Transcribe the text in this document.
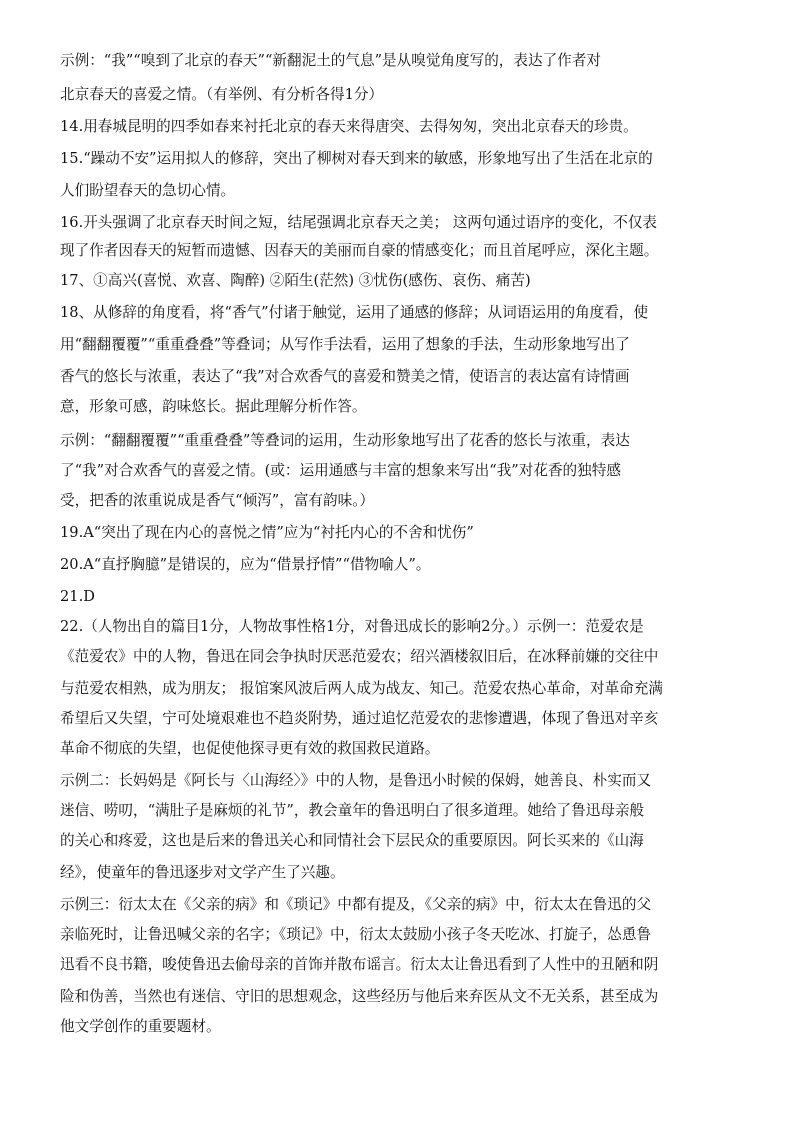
示例：“我”“嗅到了北京的春天”“新翻泥土的气息”是从嗅觉角度写的，表达了作者对
北京春天的喜爱之情。（有举例、有分析各得1分）
14.用春城昆明的四季如春来衬托北京的春天来得唐突、去得匆匆，突出北京春天的珍贵。
15.“躁动不安”运用拟人的修辞，突出了柳树对春天到来的敏感，形象地写出了生活在北京的
人们盼望春天的急切心情。
16.开头强调了北京春天时间之短，结尾强调北京春天之美； 这两句通过语序的变化，不仅表
现了作者因春天的短暂而遗憾、因春天的美丽而自豪的情感变化；而且首尾呼应，深化主题。
17、①高兴(喜悦、欢喜、陶醉) ②陌生(茫然) ③忧伤(感伤、哀伤、痛苦)
18、从修辞的角度看，将“香气”付诸于触觉，运用了通感的修辞；从词语运用的角度看，使
用“翻翻覆覆”“重重叠叠”等叠词；从写作手法看，运用了想象的手法，生动形象地写出了
香气的悠长与浓重，表达了“我”对合欢香气的喜爱和赞美之情，使语言的表达富有诗情画
意，形象可感，韵味悠长。据此理解分析作答。
示例：“翻翻覆覆”“重重叠叠”等叠词的运用，生动形象地写出了花香的悠长与浓重，表达
了“我”对合欢香气的喜爱之情。(或：运用通感与丰富的想象来写出“我”对花香的独特感
受，把香的浓重说成是香气“倾泻”，富有韵味。）
19.A“突出了现在内心的喜悦之情”应为“衬托内心的不舍和忧伤”
20.A“直抒胸臆”是错误的，应为“借景抒情”“借物喻人”。
21.D
22.（人物出自的篇目1分，人物故事性格1分，对鲁迅成长的影响2分。）示例一：范爱农是
《范爱农》中的人物，鲁迅在同会争执时厌恶范爱农；绍兴酒楼叙旧后，在冰释前嫌的交往中
与范爱农相熟，成为朋友； 报馆案风波后两人成为战友、知己。范爱农热心革命，对革命充满
希望后又失望，宁可处境艰难也不趋炎附势，通过追忆范爱农的悲惨遭遇，体现了鲁迅对辛亥
革命不彻底的失望，也促使他探寻更有效的救国救民道路。
示例二：长妈妈是《阿长与〈山海经〉》中的人物，是鲁迅小时候的保姆，她善良、朴实而又
迷信、唠叨，“满肚子是麻烦的礼节”，教会童年的鲁迅明白了很多道理。她给了鲁迅母亲般
的关心和疼爱，这也是后来的鲁迅关心和同情社会下层民众的重要原因。阿长买来的《山海
经》，使童年的鲁迅逐步对文学产生了兴趣。
示例三：衍太太在《父亲的病》和《琐记》中都有提及，《父亲的病》中，衍太太在鲁迅的父
亲临死时，让鲁迅喊父亲的名字；《琐记》中，衍太太鼓励小孩子冬天吃冰、打旋子，怂恿鲁
迅看不良书籍，唆使鲁迅去偷母亲的首饰并散布谣言。衍太太让鲁迅看到了人性中的丑陋和阴
险和伪善，当然也有迷信、守旧的思想观念，这些经历与他后来弃医从文不无关系，甚至成为
他文学创作的重要题材。
